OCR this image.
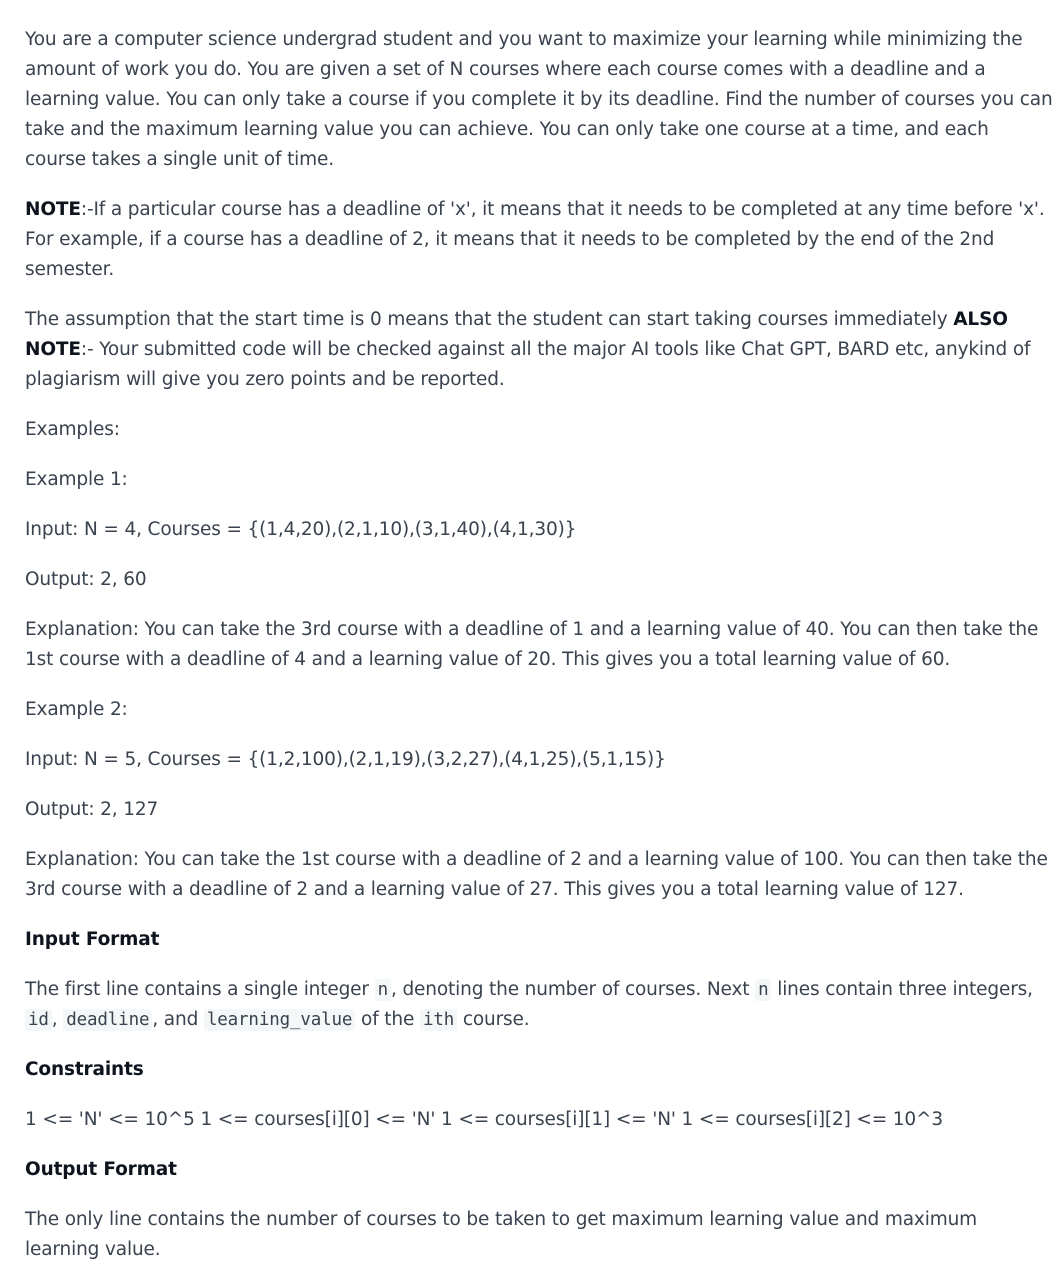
You are a computer science undergrad student and you want to maximize your learning while minimizing the amount of work you do. You are given a set of N courses where each course comes with a deadline and a learning value. You can only take a course if you complete it by its deadline. Find the number of courses you can take and the maximum learning value you can achieve. You can only take one course at a time, and each course takes a single unit of time.

NOTE:-If a particular course has a deadline of 'x', it means that it needs to be completed at any time before 'x'. For example, if a course has a deadline of 2, it means that it needs to be completed by the end of the 2nd semester.

The assumption that the start time is 0 means that the student can start taking courses immediately ALSO NOTE:- Your submitted code will be checked against all the major AI tools like Chat GPT, BARD etc, anykind of plagiarism will give you zero points and be reported.

Examples:

Example 1:

Input: N = 4, Courses = {(1,4,20),(2,1,10),(3,1,40),(4,1,30)}

Output: 2, 60

Explanation: You can take the 3rd course with a deadline of 1 and a learning value of 40. You can then take the 1st course with a deadline of 4 and a learning value of 20. This gives you a total learning value of 60.

Example 2:

Input: N = 5, Courses = {(1,2,100),(2,1,19),(3,2,27),(4,1,25),(5,1,15)}

Output: 2, 127

Explanation: You can take the 1st course with a deadline of 2 and a learning value of 100. You can then take the 3rd course with a deadline of 2 and a learning value of 27. This gives you a total learning value of 127.

Input Format

The first line contains a single integer n , denoting the number of courses. Next n lines contain three integers, id , deadline , and learning_value of the ith course.

Constraints

1 <= 'N' <= 10^5 1 <= courses[i][0] <= 'N' 1 <= courses[i][1] <= 'N' 1 <= courses[i][2] <= 10^3

Output Format

The only line contains the number of courses to be taken to get maximum learning value and maximum learning value.
